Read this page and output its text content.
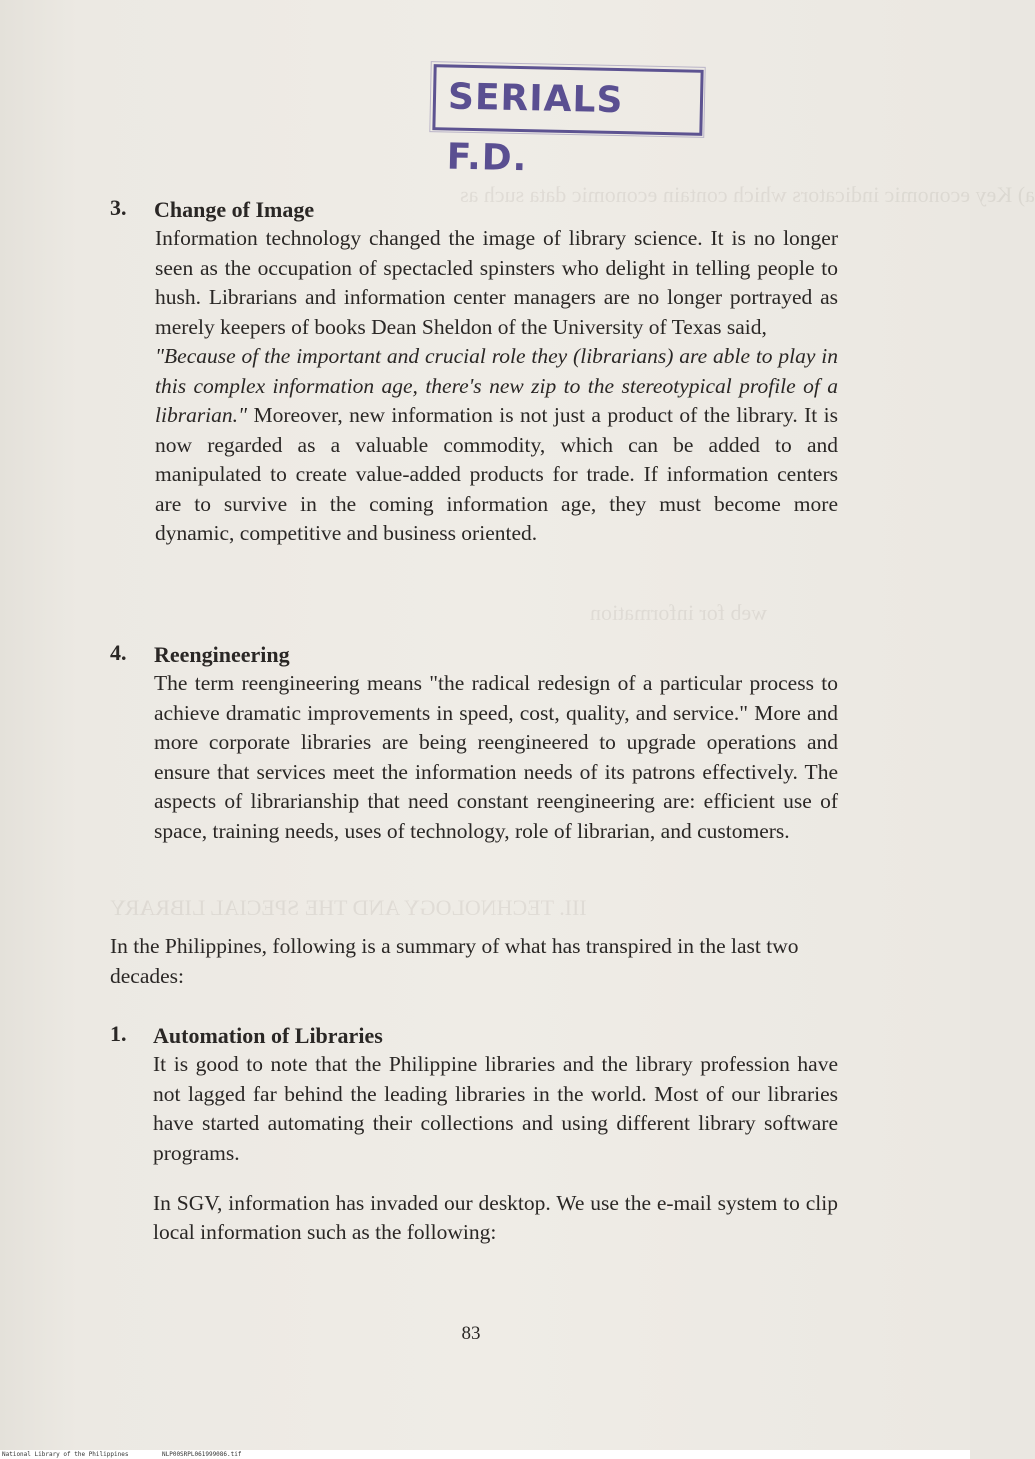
a) Key economic indicators which contain economic data such as
web for information
III. TECHNOLOGY AND THE SPECIAL LIBRARY
SERIALS F.D.
3. Change of Image

Information technology changed the image of library science. It is no longer seen as the occupation of spectacled spinsters who delight in telling people to hush. Librarians and information center managers are no longer portrayed as merely keepers of books Dean Sheldon of the University of Texas said,
"Because of the important and crucial role they (librarians) are able to play in this complex information age, there's new zip to the stereotypical profile of a librarian." Moreover, new information is not just a product of the library. It is now regarded as a valuable commodity, which can be added to and manipulated to create value-added products for trade. If information centers are to survive in the coming information age, they must become more dynamic, competitive and business oriented.

4. Reengineering

The term reengineering means "the radical redesign of a particular process to achieve dramatic improvements in speed, cost, quality, and service." More and more corporate libraries are being reengineered to upgrade operations and ensure that services meet the information needs of its patrons effectively. The aspects of librarianship that need constant reengineering are: efficient use of space, training needs, uses of technology, role of librarian, and customers.

In the Philippines, following is a summary of what has transpired in the last two decades:
1. Automation of Libraries

It is good to note that the Philippine libraries and the library profession have not lagged far behind the leading libraries in the world. Most of our libraries have started automating their collections and using different library software programs.

In SGV, information has invaded our desktop. We use the e-mail system to clip local information such as the following:

83
National Library of the Philippines	NLP00SRPL061999086.tif
